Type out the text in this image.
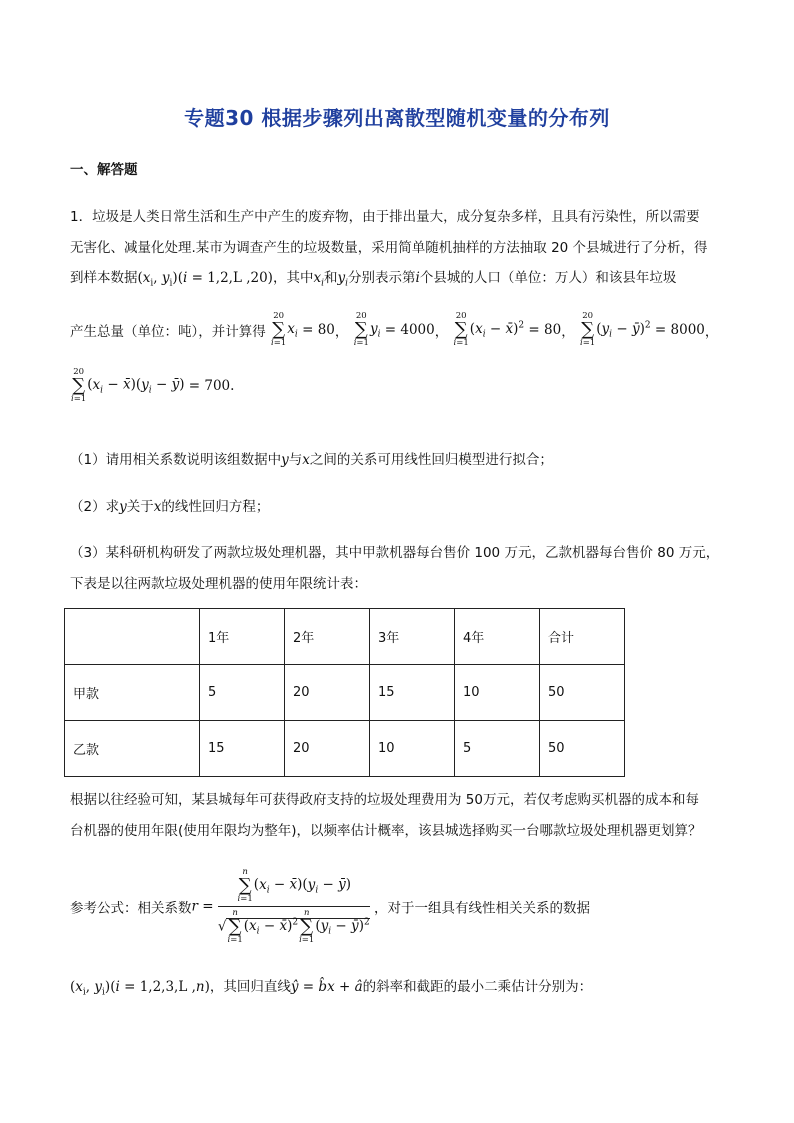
专题30 根据步骤列出离散型随机变量的分布列
一、解答题
1．垃圾是人类日常生活和生产中产生的废弃物，由于排出量大，成分复杂多样，且具有污染性，所以需要
无害化、减量化处理.某市为调查产生的垃圾数量，采用简单随机抽样的方法抽取 20 个县城进行了分析，得
到样本数据($x_i$, $y_i)(i = 1,2,L$ ,20)，其中$x_i$和$y_i$分别表示第i个县城的人口（单位：万人）和该县年垃圾
产生总量（单位：吨），并计算得
20
∑
i=1
$x_i = 80$，
20
∑
i=1
$y_i = 4000$，
20
∑
i=1
($x_i$ − x̄)$^2$ = 80，
20
∑
i=1
($y_i$ − ȳ)$^2$ = 8000，
20
∑
i=1
($x_i$ − $x̄)(y_i$ − ȳ) = 700.
（1）请用相关系数说明该组数据中y与x之间的关系可用线性回归模型进行拟合；
（2）求y关于x的线性回归方程；
（3）某科研机构研发了两款垃圾处理机器，其中甲款机器每台售价 100 万元，乙款机器每台售价 80 万元，
下表是以往两款垃圾处理机器的使用年限统计表：
	1年	2年	3年	4年	合计
甲款	5	20	15	10	50
乙款	15	20	10	5	50
根据以往经验可知，某县城每年可获得政府支持的垃圾处理费用为 50万元，若仅考虑购买机器的成本和每
台机器的使用年限(使用年限均为整年)，以频率估计概率，该县城选择购买一台哪款垃圾处理机器更划算？
参考公式：相关系数r = n
∑
i=1
($x_i$ − $x̄)(y_i$ − ȳ)
√
n
∑
i=1
($x_i$ − x̄)$^2$
n
∑
i=1
($y_i$ − ȳ)$^2$ ，对于一组具有线性相关关系的数据
($x_i$, $y_i)(i = 1,2,3,L$ ,n)，其回归直线ŷ = b̂x + â的斜率和截距的最小二乘估计分别为：
